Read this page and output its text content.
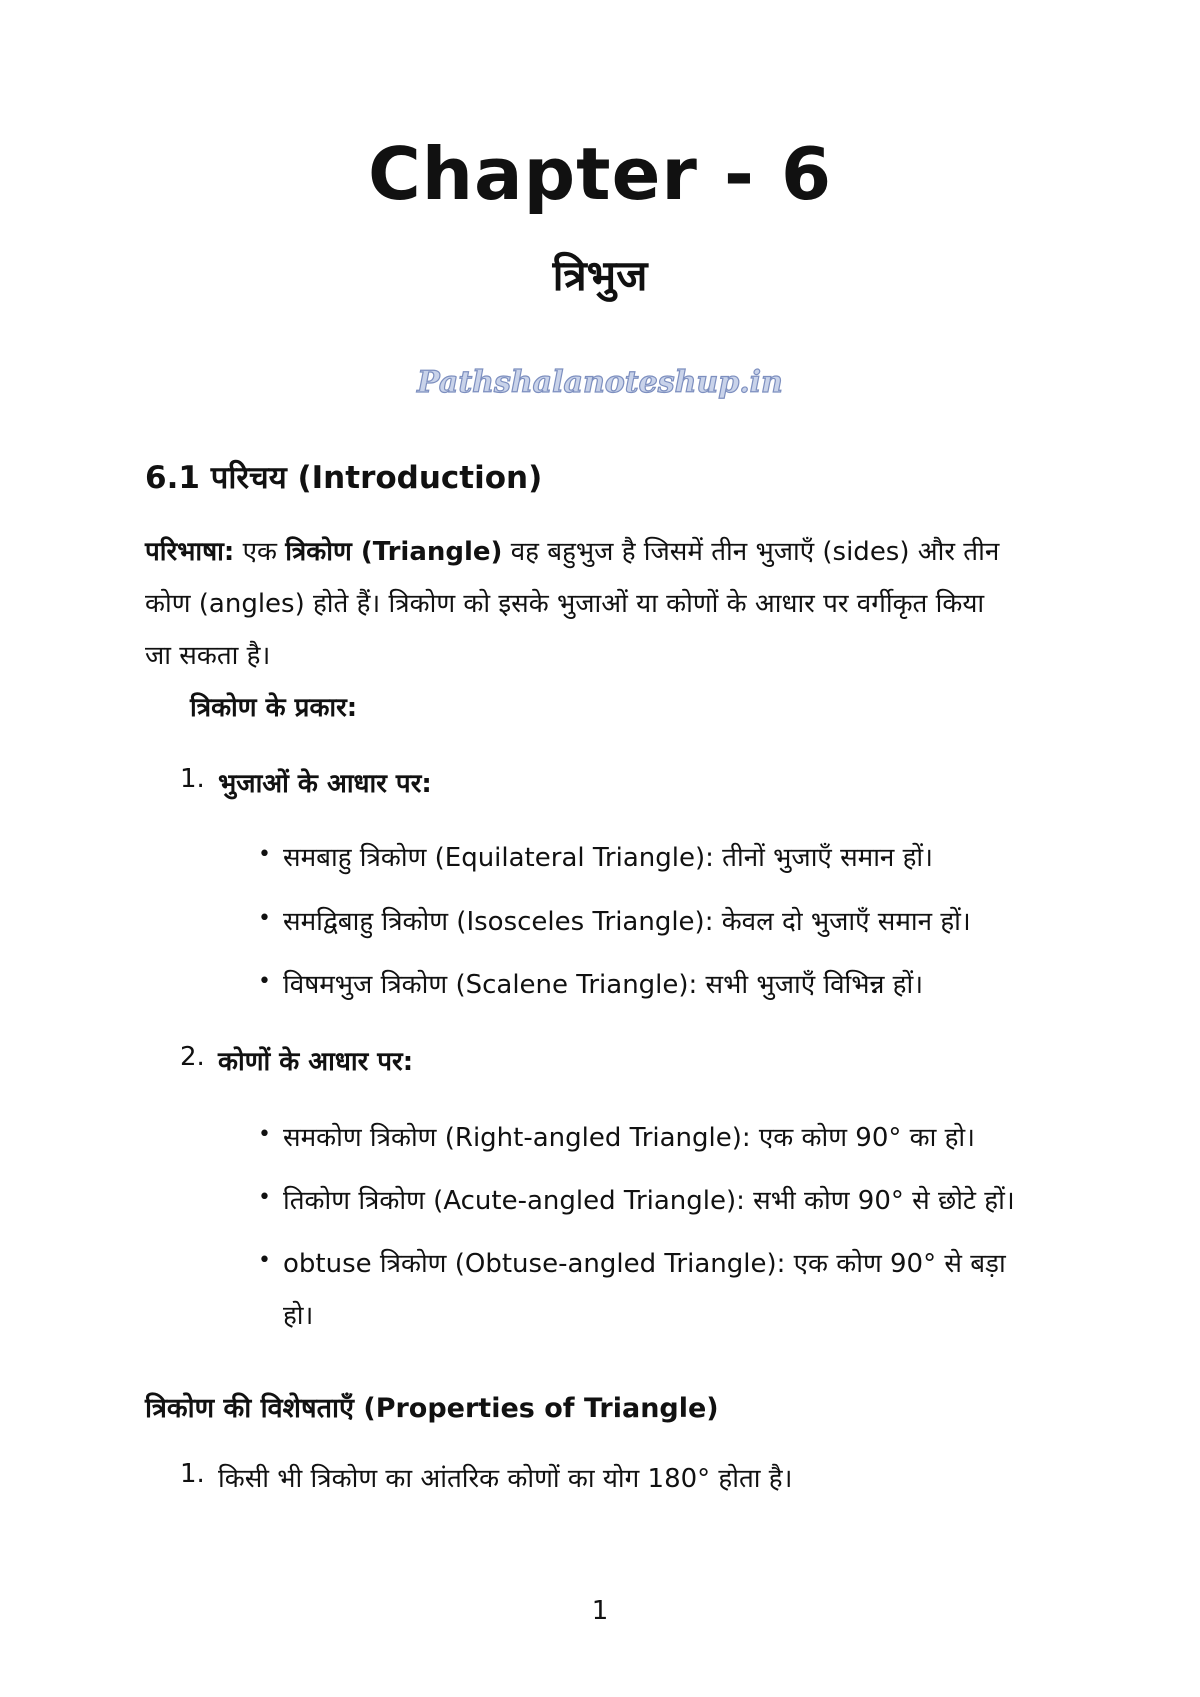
Chapter - 6
त्रिभुज
Pathshalanoteshup.in
6.1 परिचय (Introduction)
परिभाषा: एक त्रिकोण (Triangle) वह बहुभुज है जिसमें तीन भुजाएँ (sides) और तीन
कोण (angles) होते हैं। त्रिकोण को इसके भुजाओं या कोणों के आधार पर वर्गीकृत किया
जा सकता है।
त्रिकोण के प्रकार:
1. भुजाओं के आधार पर:
• समबाहु त्रिकोण (Equilateral Triangle): तीनों भुजाएँ समान हों।
• समद्विबाहु त्रिकोण (Isosceles Triangle): केवल दो भुजाएँ समान हों।
• विषमभुज त्रिकोण (Scalene Triangle): सभी भुजाएँ विभिन्न हों।
2. कोणों के आधार पर:
• समकोण त्रिकोण (Right-angled Triangle): एक कोण 90° का हो।
• तिकोण त्रिकोण (Acute-angled Triangle): सभी कोण 90° से छोटे हों।
• obtuse त्रिकोण (Obtuse-angled Triangle): एक कोण 90° से बड़ा
हो।
त्रिकोण की विशेषताएँ (Properties of Triangle)
1. किसी भी त्रिकोण का आंतरिक कोणों का योग 180° होता है।
1
